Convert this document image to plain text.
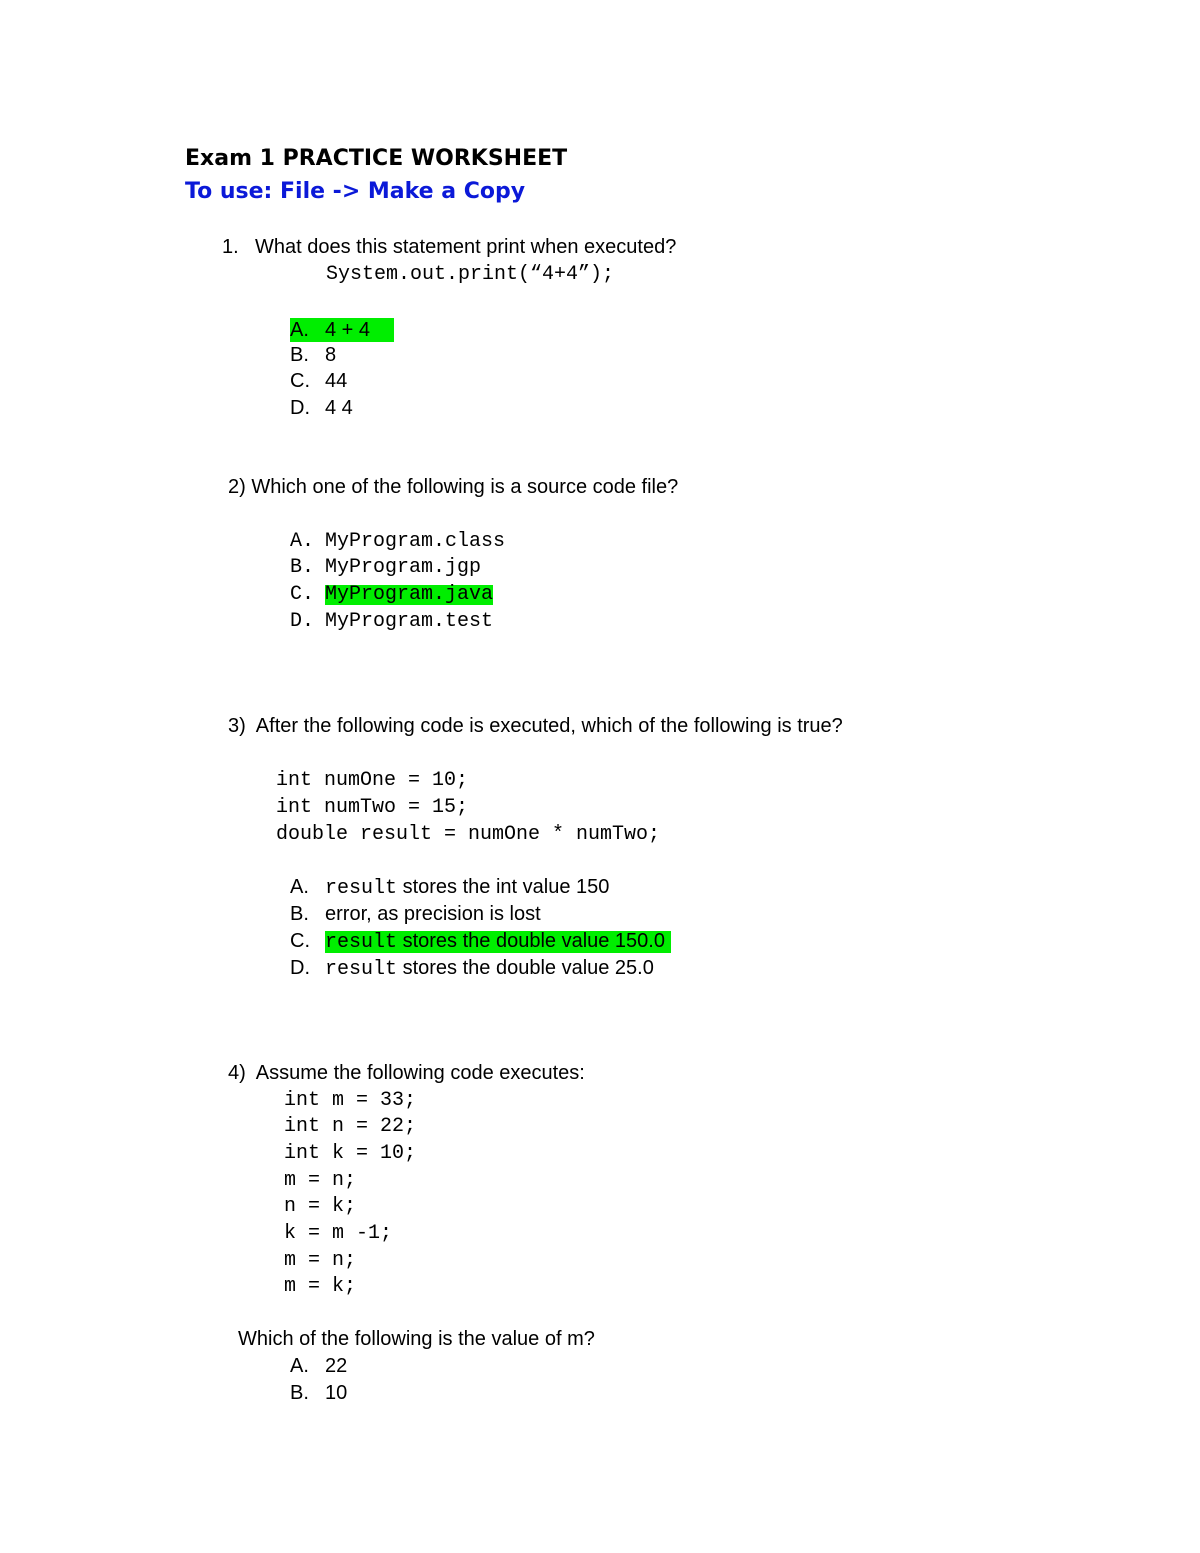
Exam 1 PRACTICE WORKSHEET
To use: File -> Make a Copy
1. What does this statement print when executed?
System.out.print(“4+4”);
A. 4 + 4
B. 8
C. 44
D. 4 4
2) Which one of the following is a source code file?
A. MyProgram.class
B. MyProgram.jgp
C. MyProgram.java
D. MyProgram.test
3)  After the following code is executed, which of the following is true?
int numOne = 10;
int numTwo = 15;
double result = numOne * numTwo;
A. result stores the int value 150
B. error, as precision is lost
C. result stores the double value 150.0
D. result stores the double value 25.0
4)  Assume the following code executes:
int m = 33;
int n = 22;
int k = 10;
m = n;
n = k;
k = m -1;
m = n;
m = k;
Which of the following is the value of m?
A. 22
B. 10
